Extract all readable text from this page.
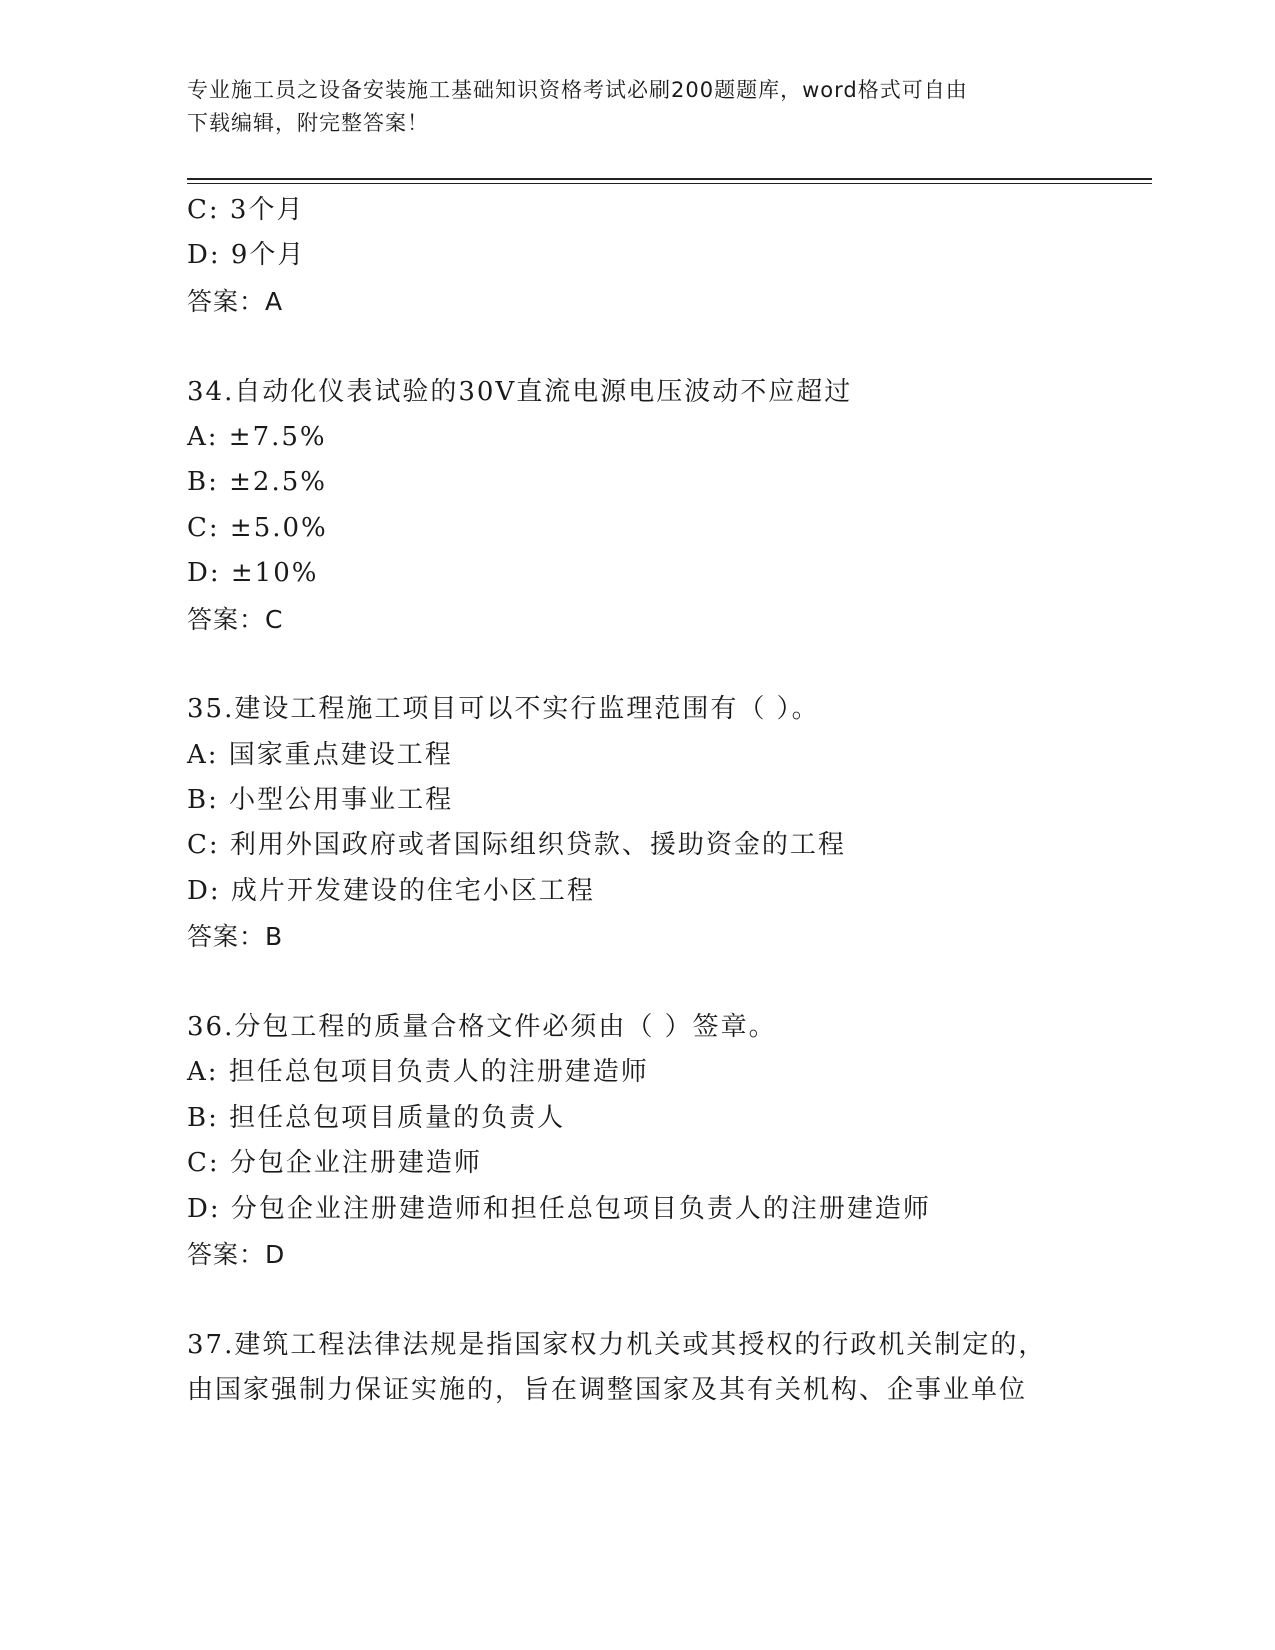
专业施工员之设备安装施工基础知识资格考试必刷200题题库，word格式可自由
下载编辑，附完整答案！
C: 3个月
D: 9个月
答案：A
34.自动化仪表试验的30V直流电源电压波动不应超过
A: ±7.5%
B: ±2.5%
C: ±5.0%
D: ±10%
答案：C
35.建设工程施工项目可以不实行监理范围有（ ）。
A: 国家重点建设工程
B: 小型公用事业工程
C: 利用外国政府或者国际组织贷款、援助资金的工程
D: 成片开发建设的住宅小区工程
答案：B
36.分包工程的质量合格文件必须由（ ）签章。
A: 担任总包项目负责人的注册建造师
B: 担任总包项目质量的负责人
C: 分包企业注册建造师
D: 分包企业注册建造师和担任总包项目负责人的注册建造师
答案：D
37.建筑工程法律法规是指国家权力机关或其授权的行政机关制定的，
由国家强制力保证实施的，旨在调整国家及其有关机构、企事业单位
